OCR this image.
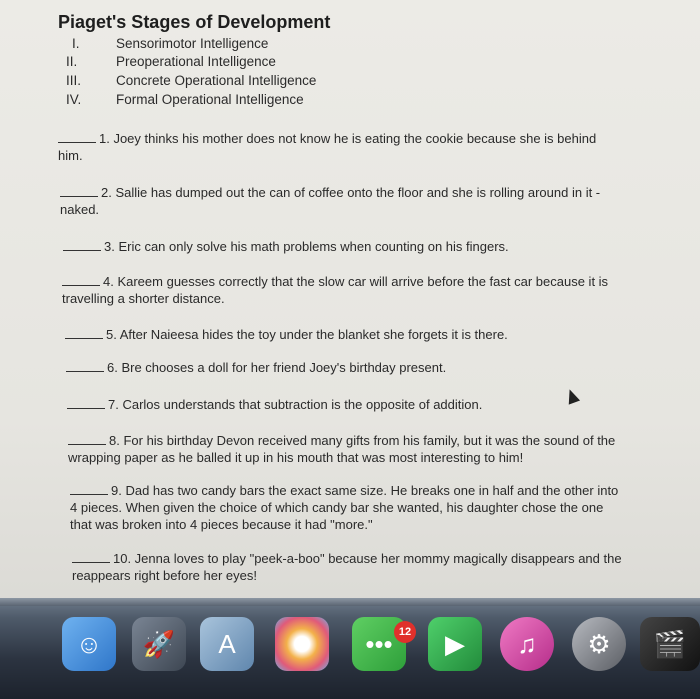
Piaget's Stages of Development
I.	Sensorimotor Intelligence
II.	Preoperational Intelligence
III.	Concrete Operational Intelligence
IV.	Formal Operational Intelligence
1. Joey thinks his mother does not know he is eating the cookie because she is behind
him.
2. Sallie has dumped out the can of coffee onto the floor and she is rolling around in it -
naked.
3. Eric can only solve his math problems when counting on his fingers.
4. Kareem guesses correctly that the slow car will arrive before the fast car because it is
travelling a shorter distance.
5. After Naieesa hides the toy under the blanket she forgets it is there.
6. Bre chooses a doll for her friend Joey's birthday present.
7. Carlos understands that subtraction is the opposite of addition.
8. For his birthday Devon received many gifts from his family, but it was the sound of the
wrapping paper as he balled it up in his mouth that was most interesting to him!
9. Dad has two candy bars the exact same size. He breaks one in half and the other into
4 pieces. When given the choice of which candy bar she wanted, his daughter chose the one
that was broken into 4 pieces because it had "more."
10. Jenna loves to play "peek-a-boo" because her mommy magically disappears and the
reappears right before her eyes!
☺	🚀	A	•••	▶	♫	⚙	🎬
12
